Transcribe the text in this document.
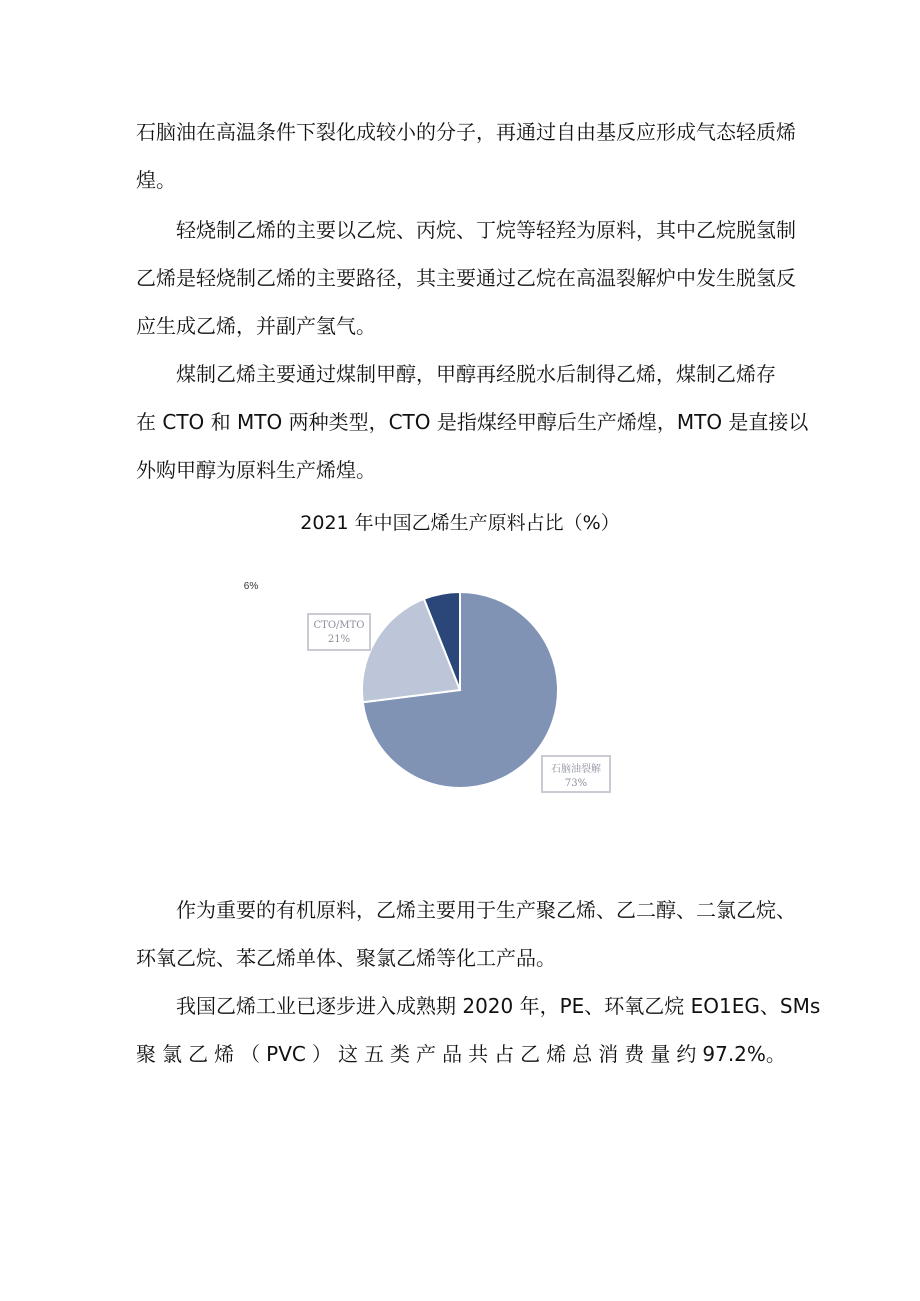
石脑油在高温条件下裂化成较小的分子，再通过自由基反应形成气态轻质烯
煌。
轻烧制乙烯的主要以乙烷、丙烷、丁烷等轻羟为原料，其中乙烷脱氢制
乙烯是轻烧制乙烯的主要路径，其主要通过乙烷在高温裂解炉中发生脱氢反
应生成乙烯，并副产氢气。
煤制乙烯主要通过煤制甲醇，甲醇再经脱水后制得乙烯，煤制乙烯存
在 CTO 和 MTO 两种类型，CTO 是指煤经甲醇后生产烯煌，MTO 是直接以
外购甲醇为原料生产烯煌。
2021 年中国乙烯生产原料占比（%）
石脑油裂解
73%
CTO/MTO
21%
6%
作为重要的有机原料，乙烯主要用于生产聚乙烯、乙二醇、二氯乙烷、
环氧乙烷、苯乙烯单体、聚氯乙烯等化工产品。
我国乙烯工业已逐步进入成熟期 2020 年，PE、环氧乙烷 EO1EG、SMs
聚 氯 乙 烯 （ PVC ） 这 五 类 产 品 共 占 乙 烯 总 消 费 量 约 97.2%。
